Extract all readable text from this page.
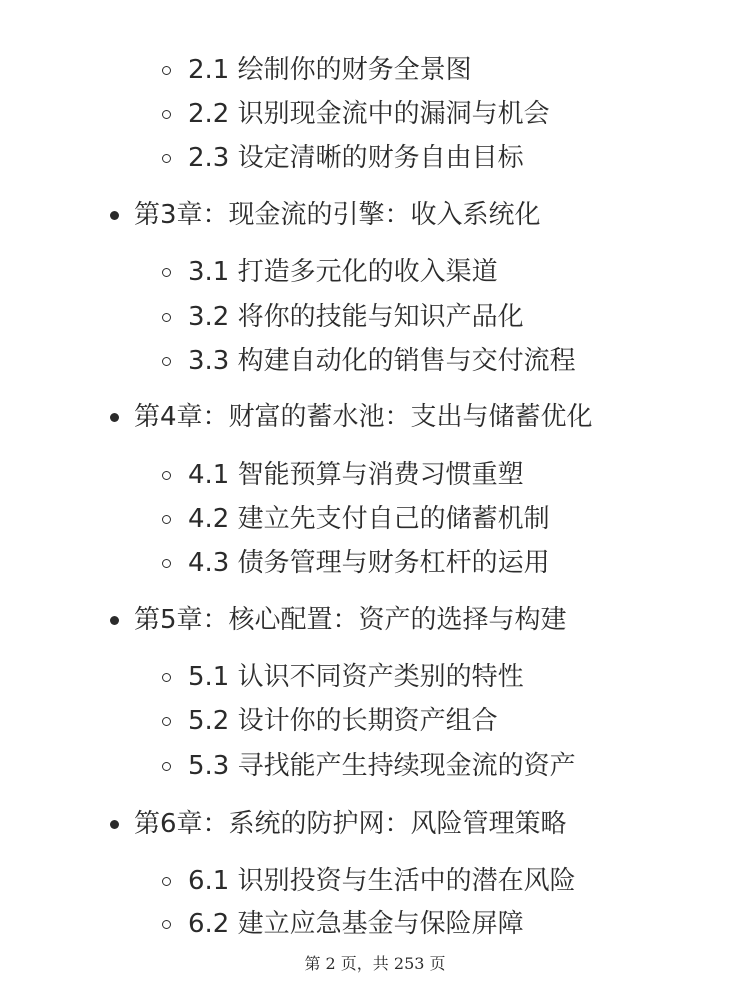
2.1 绘制你的财务全景图
2.2 识别现金流中的漏洞与机会
2.3 设定清晰的财务自由目标
第3章：现金流的引擎：收入系统化
3.1 打造多元化的收入渠道
3.2 将你的技能与知识产品化
3.3 构建自动化的销售与交付流程
第4章：财富的蓄水池：支出与储蓄优化
4.1 智能预算与消费习惯重塑
4.2 建立先支付自己的储蓄机制
4.3 债务管理与财务杠杆的运用
第5章：核心配置：资产的选择与构建
5.1 认识不同资产类别的特性
5.2 设计你的长期资产组合
5.3 寻找能产生持续现金流的资产
第6章：系统的防护网：风险管理策略
6.1 识别投资与生活中的潜在风险
6.2 建立应急基金与保险屏障
第 2 页，共 253 页
